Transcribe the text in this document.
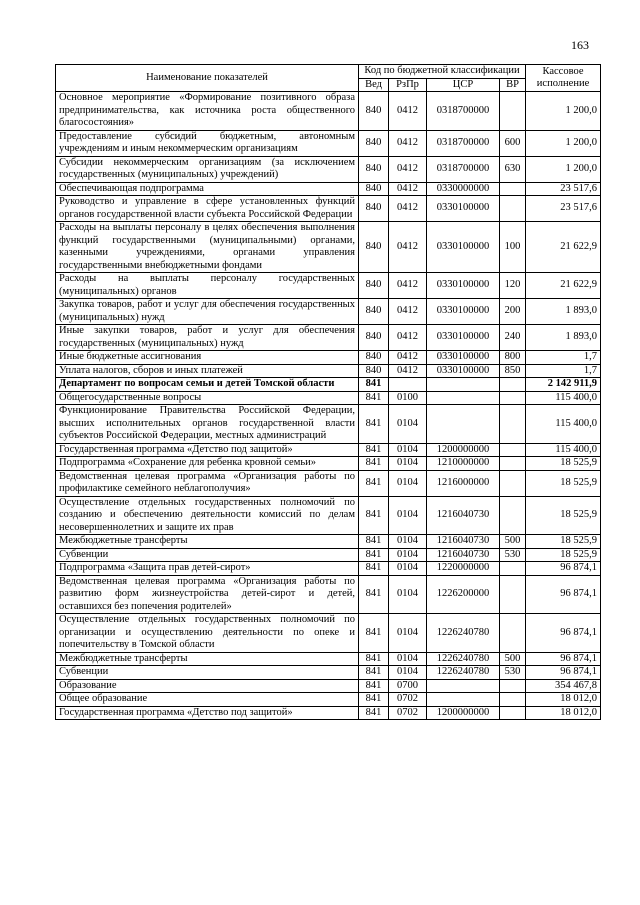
163
Наименование показателей	Код по бюджетной классификации				Кассовое исполнение
	Вед	РзПр	ЦСР	ВР	
Основное мероприятие «Формирование позитивного образа предпринимательства, как источника роста общественного благосостояния»	840	0412	0318700000		1 200,0
Предоставление субсидий бюджетным, автономным учреждениям и иным некоммерческим организациям	840	0412	0318700000	600	1 200,0
Субсидии некоммерческим организациям (за исключением государственных (муниципальных) учреждений)	840	0412	0318700000	630	1 200,0
Обеспечивающая подпрограмма	840	0412	0330000000		23 517,6
Руководство и управление в сфере установленных функций органов государственной власти субъекта Российской Федерации	840	0412	0330100000		23 517,6
Расходы на выплаты персоналу в целях обеспечения выполнения функций государственными (муниципальными) органами, казенными учреждениями, органами управления государственными внебюджетными фондами	840	0412	0330100000	100	21 622,9
Расходы на выплаты персоналу государственных (муниципальных) органов	840	0412	0330100000	120	21 622,9
Закупка товаров, работ и услуг для обеспечения государственных (муниципальных) нужд	840	0412	0330100000	200	1 893,0
Иные закупки товаров, работ и услуг для обеспечения государственных (муниципальных) нужд	840	0412	0330100000	240	1 893,0
Иные бюджетные ассигнования	840	0412	0330100000	800	1,7
Уплата налогов, сборов и иных платежей	840	0412	0330100000	850	1,7
Департамент по вопросам семьи и детей Томской области	841				2 142 911,9
Общегосударственные вопросы	841	0100			115 400,0
Функционирование Правительства Российской Федерации, высших исполнительных органов государственной власти субъектов Российской Федерации, местных администраций	841	0104			115 400,0
Государственная программа «Детство под защитой»	841	0104	1200000000		115 400,0
Подпрограмма «Сохранение для ребенка кровной семьи»	841	0104	1210000000		18 525,9
Ведомственная целевая программа «Организация работы по профилактике семейного неблагополучия»	841	0104	1216000000		18 525,9
Осуществление отдельных государственных полномочий по созданию и обеспечению деятельности комиссий по делам несовершеннолетних и защите их прав	841	0104	1216040730		18 525,9
Межбюджетные трансферты	841	0104	1216040730	500	18 525,9
Субвенции	841	0104	1216040730	530	18 525,9
Подпрограмма «Защита прав детей-сирот»	841	0104	1220000000		96 874,1
Ведомственная целевая программа «Организация работы по развитию форм жизнеустройства детей-сирот и детей, оставшихся без попечения родителей»	841	0104	1226200000		96 874,1
Осуществление отдельных государственных полномочий по организации и осуществлению деятельности по опеке и попечительству в Томской области	841	0104	1226240780		96 874,1
Межбюджетные трансферты	841	0104	1226240780	500	96 874,1
Субвенции	841	0104	1226240780	530	96 874,1
Образование	841	0700			354 467,8
Общее образование	841	0702			18 012,0
Государственная программа «Детство под защитой»	841	0702	1200000000		18 012,0
